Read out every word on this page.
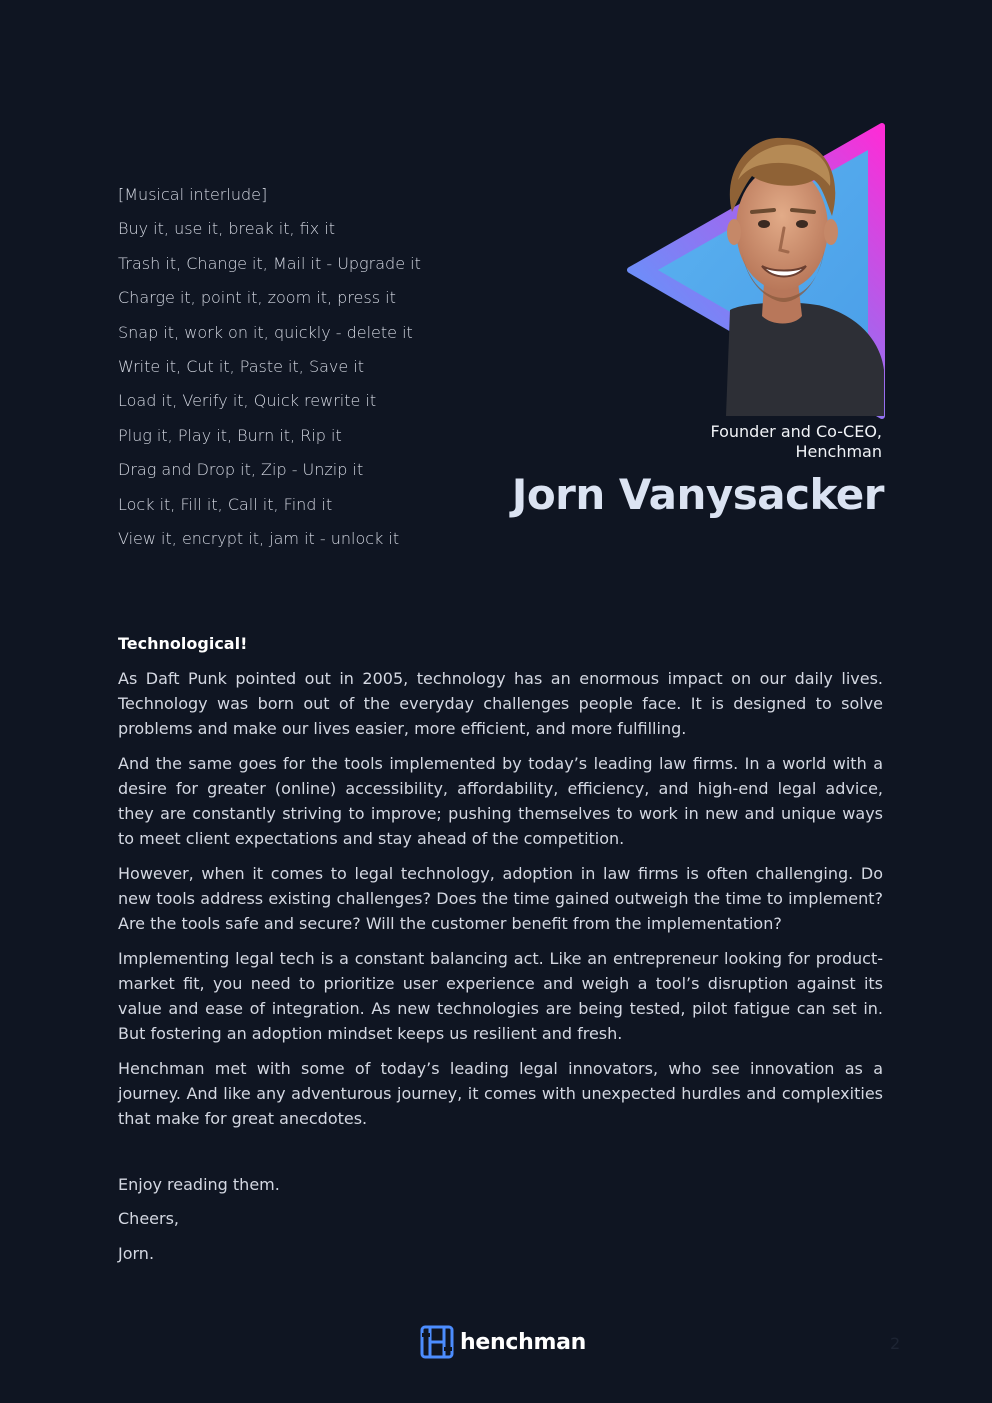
[Musical interlude]
Buy it, use it, break it, fix it
Trash it, Change it, Mail it - Upgrade it
Charge it, point it, zoom it, press it
Snap it, work on it, quickly - delete it
Write it, Cut it, Paste it, Save it
Load it, Verify it, Quick rewrite it
Plug it, Play it, Burn it, Rip it
Drag and Drop it, Zip - Unzip it
Lock it, Fill it, Call it, Find it
View it, encrypt it, jam it - unlock it
Founder and Co-CEO,
Henchman
Jorn Vanysacker
Technological!

As Daft Punk pointed out in 2005, technology has an enormous impact on our daily lives. Technology was born out of the everyday challenges people face. It is designed to solve problems and make our lives easier, more efficient, and more fulfilling.

And the same goes for the tools implemented by today’s leading law firms. In a world with a desire for greater (online) accessibility, affordability, efficiency, and high-end legal advice, they are constantly striving to improve; pushing themselves to work in new and unique ways to meet client expectations and stay ahead of the competition.

However, when it comes to legal technology, adoption in law firms is often challenging. Do new tools address existing challenges? Does the time gained outweigh the time to implement? Are the tools safe and secure? Will the customer benefit from the implementation?

Implementing legal tech is a constant balancing act. Like an entrepreneur looking for product-market fit, you need to prioritize user experience and weigh a tool’s disruption against its value and ease of integration. As new technologies are being tested, pilot fatigue can set in. But fostering an adoption mindset keeps us resilient and fresh.

Henchman met with some of today’s leading legal innovators, who see innovation as a journey. And like any adventurous journey, it comes with unexpected hurdles and complexities that make for great anecdotes.

Enjoy reading them.
Cheers,
Jorn.
henchman	2
